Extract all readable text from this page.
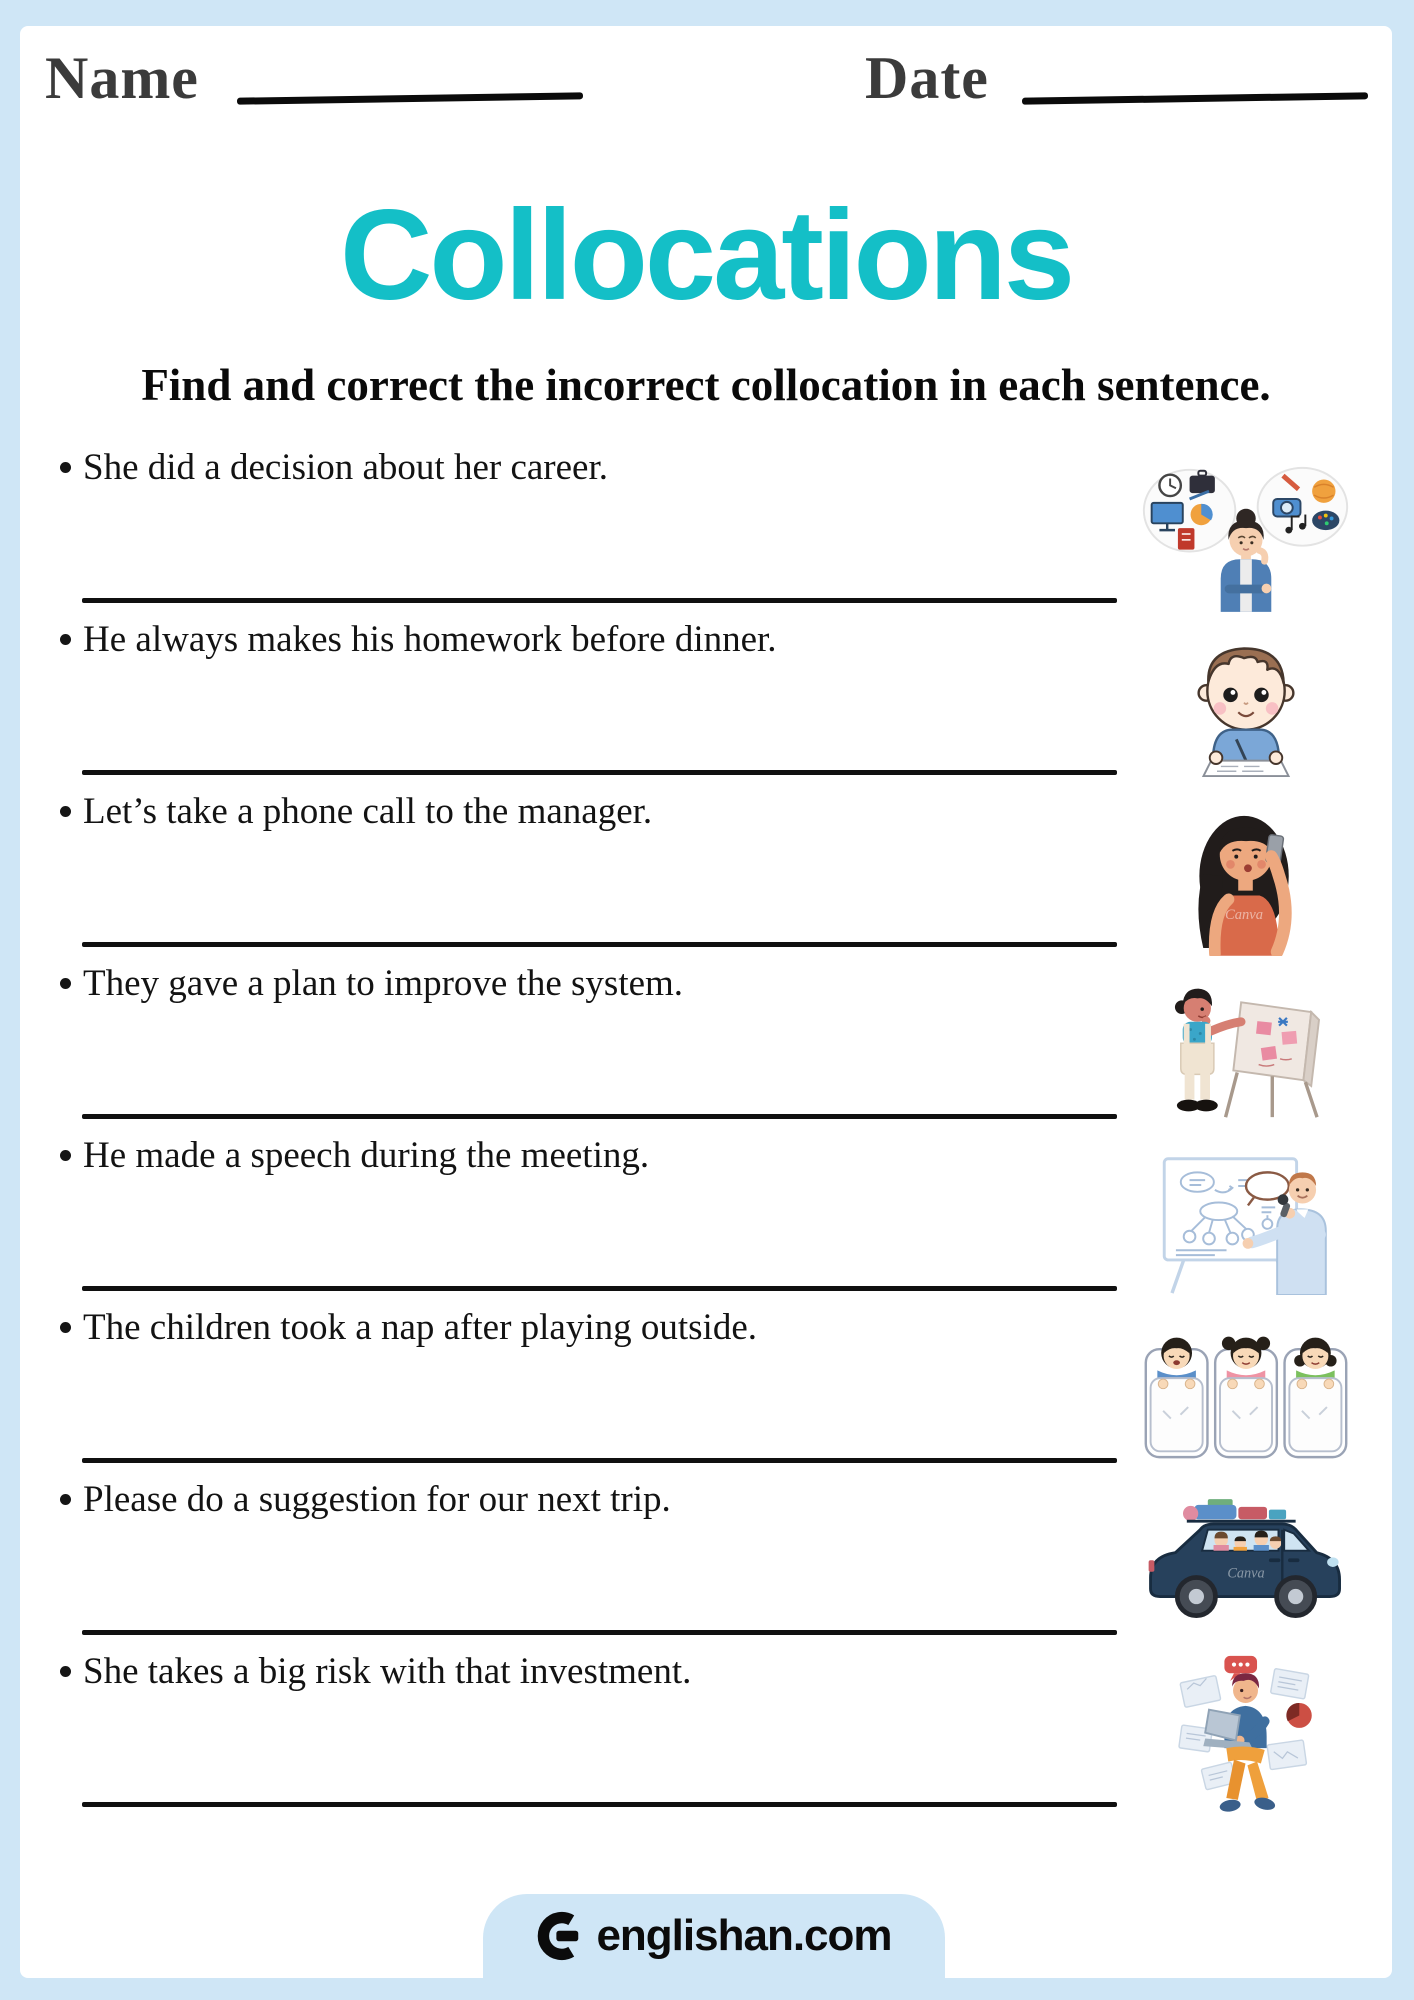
Name	Date
Collocations
Find and correct the incorrect collocation in each sentence.
She did a decision about her career.
He always makes his homework before dinner.
Let’s take a phone call to the manager.
Canva
They gave a plan to improve the system.
He made a speech during the meeting.
The children took a nap after playing outside.
Please do a suggestion for our next trip.
Canva
She takes a big risk with that investment.
englishan.com
